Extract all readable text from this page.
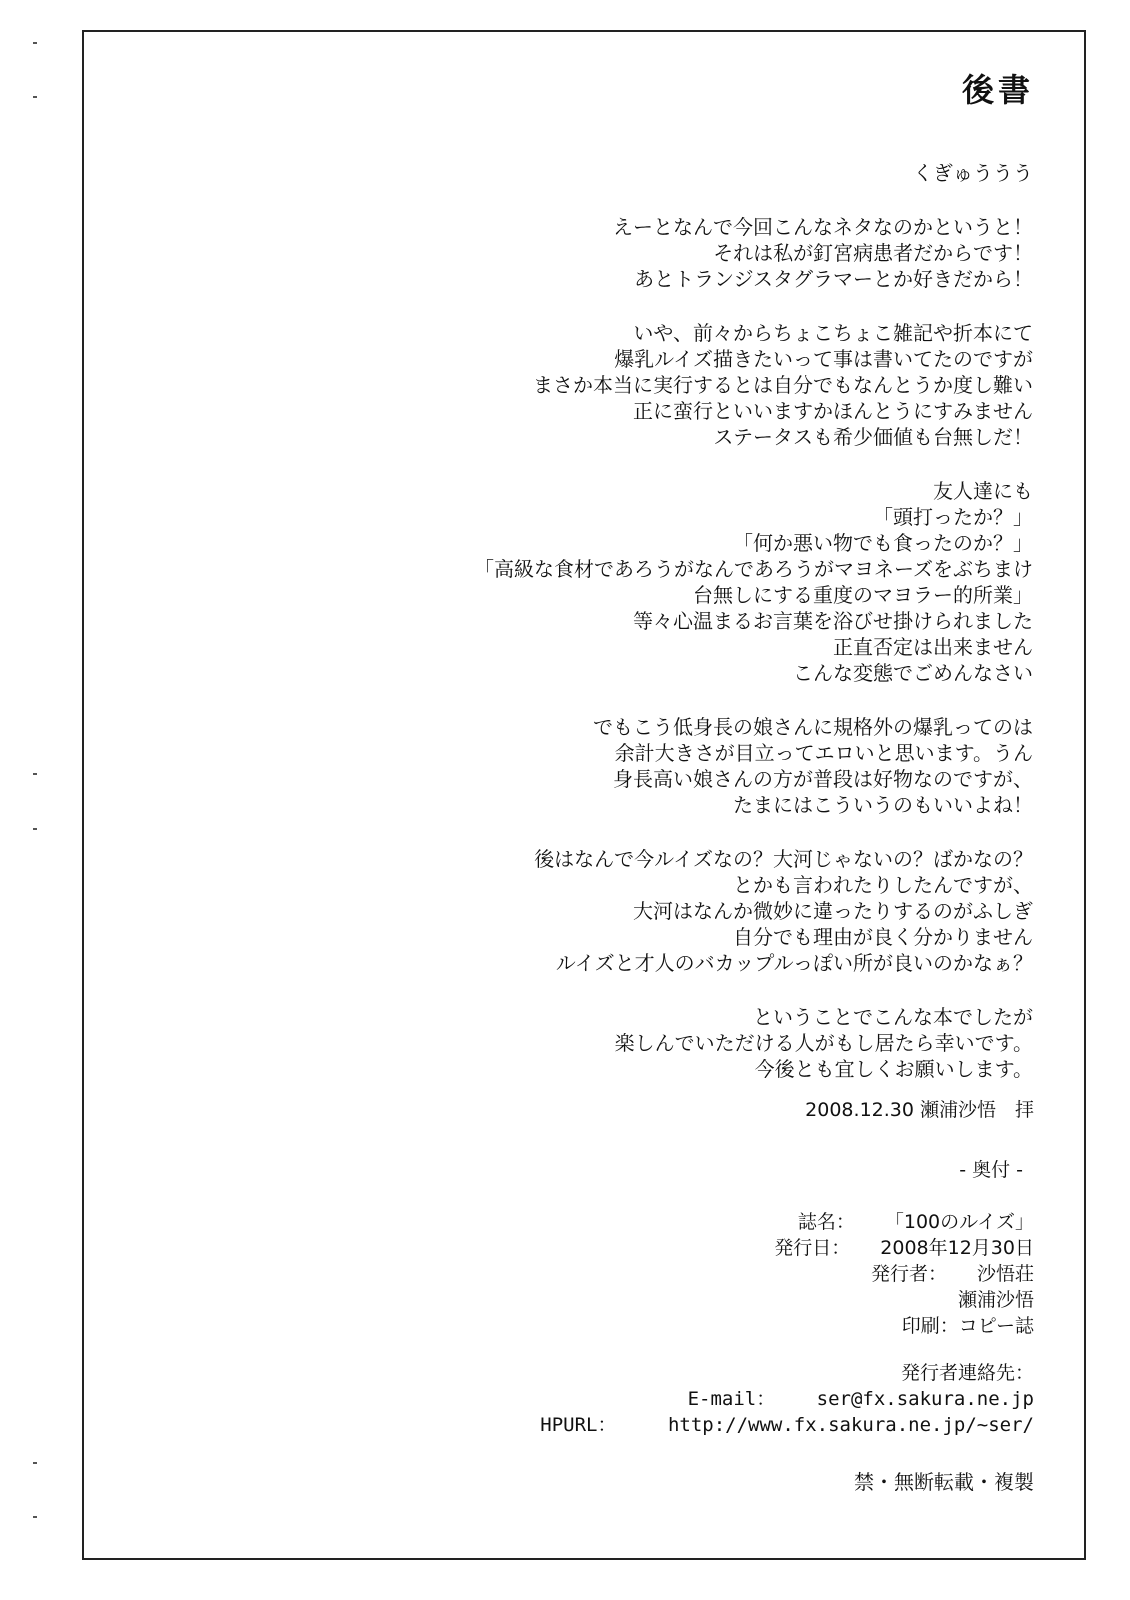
後書
くぎゅううう
えーとなんで今回こんなネタなのかというと！
それは私が釘宮病患者だからです！
あとトランジスタグラマーとか好きだから！
いや、前々からちょこちょこ雑記や折本にて
爆乳ルイズ描きたいって事は書いてたのですが
まさか本当に実行するとは自分でもなんとうか度し難い
正に蛮行といいますかほんとうにすみません
ステータスも希少価値も台無しだ！
友人達にも
「頭打ったか？」
「何か悪い物でも食ったのか？」
「高級な食材であろうがなんであろうがマヨネーズをぶちまけ
台無しにする重度のマヨラー的所業」
等々心温まるお言葉を浴びせ掛けられました
正直否定は出来ません
こんな変態でごめんなさい
でもこう低身長の娘さんに規格外の爆乳ってのは
余計大きさが目立ってエロいと思います。うん
身長高い娘さんの方が普段は好物なのですが、
たまにはこういうのもいいよね！
後はなんで今ルイズなの？大河じゃないの？ばかなの？
とかも言われたりしたんですが、
大河はなんか微妙に違ったりするのがふしぎ
自分でも理由が良く分かりません
ルイズと才人のバカップルっぽい所が良いのかなぁ？
ということでこんな本でしたが
楽しんでいただける人がもし居たら幸いです。
今後とも宜しくお願いします。
2008.12.30 瀬浦沙悟　拝
- 奥付 -
誌名： 「100のルイズ」
発行日： 2008年12月30日
発行者： 沙悟荘
瀬浦沙悟
印刷：コピー誌
発行者連絡先：
E-mail： ser@fx.sakura.ne.jp
HPURL：	http://www.fx.sakura.ne.jp/~ser/
禁・無断転載・複製
